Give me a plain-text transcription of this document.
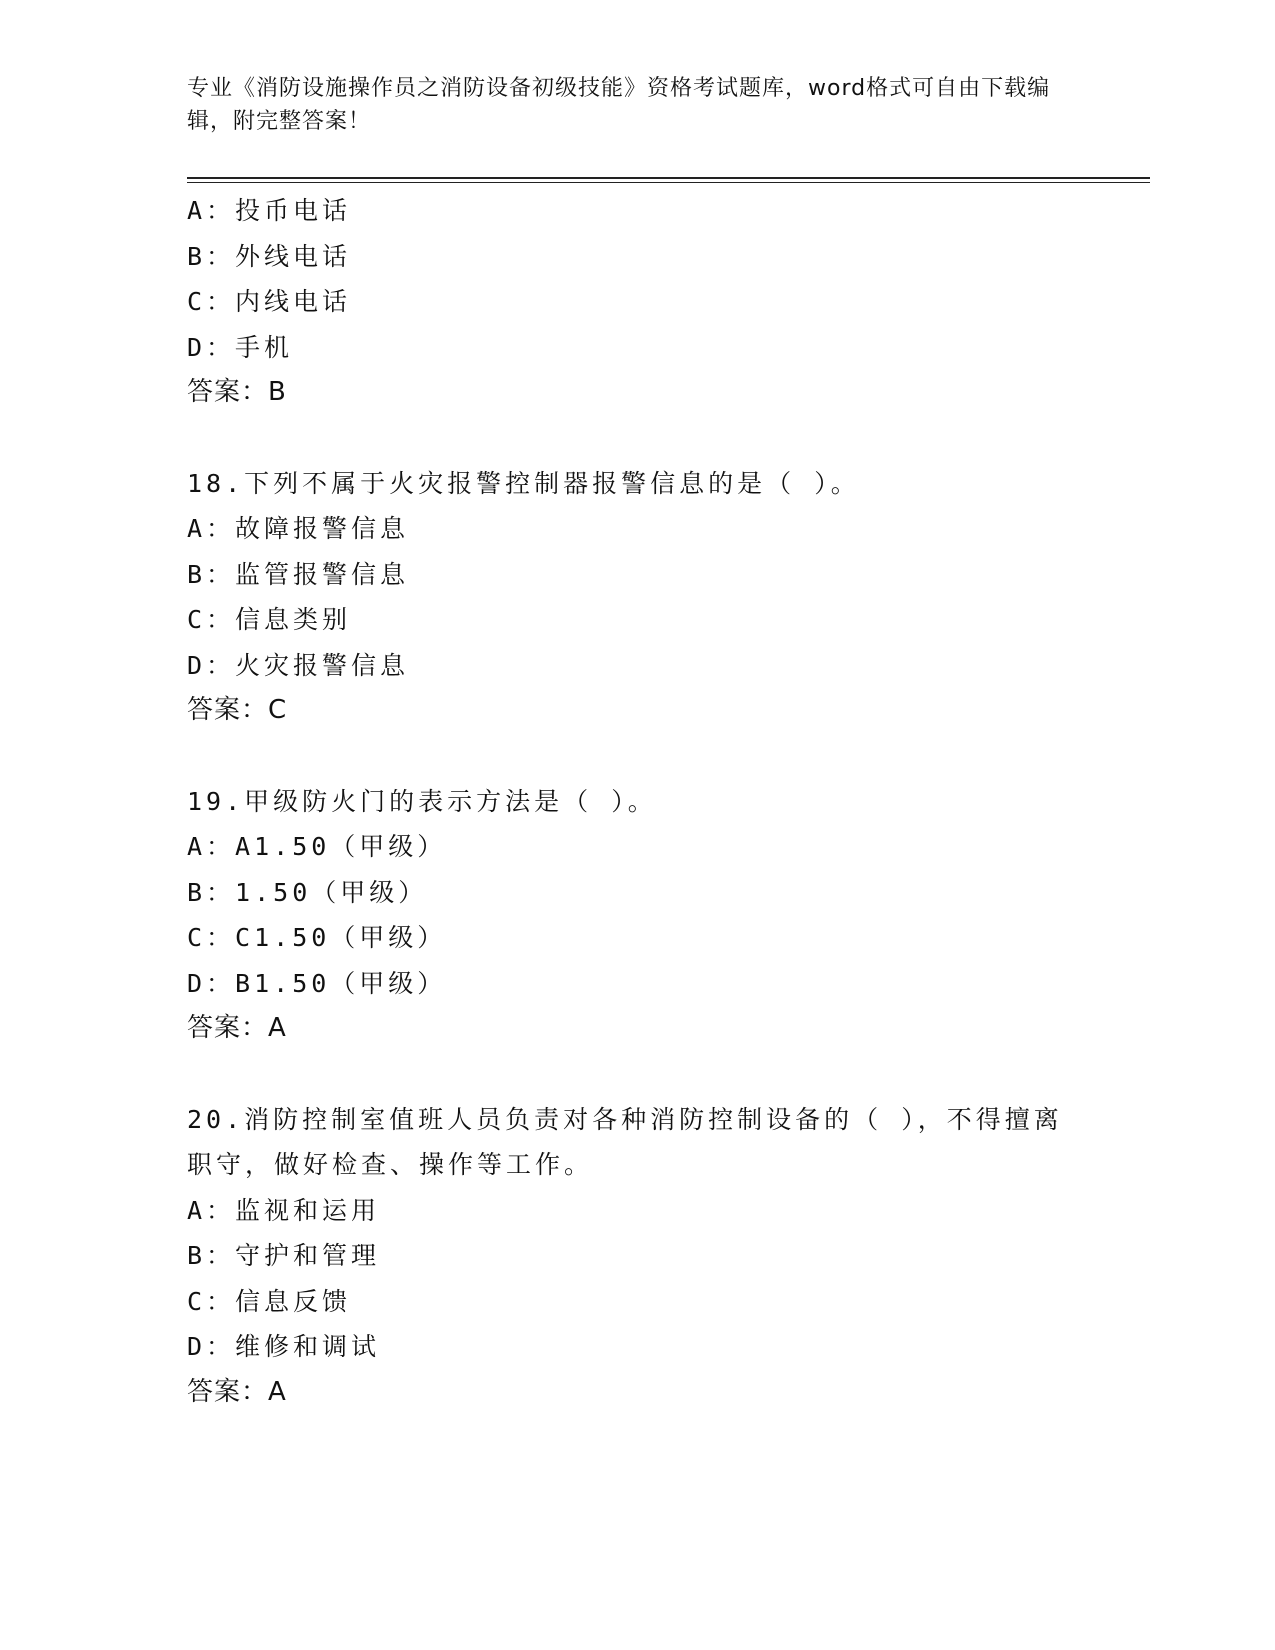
专业《消防设施操作员之消防设备初级技能》资格考试题库，word格式可自由下载编辑，附完整答案！
A：投币电话
B：外线电话
C：内线电话
D：手机
答案：B
18.下列不属于火灾报警控制器报警信息的是（ ）。
A：故障报警信息
B：监管报警信息
C：信息类别
D：火灾报警信息
答案：C
19.甲级防火门的表示方法是（ ）。
A：A1.50（甲级）
B：1.50（甲级）
C：C1.50（甲级）
D：B1.50（甲级）
答案：A
20.消防控制室值班人员负责对各种消防控制设备的（ ），不得擅离
职守，做好检查、操作等工作。
A：监视和运用
B：守护和管理
C：信息反馈
D：维修和调试
答案：A
